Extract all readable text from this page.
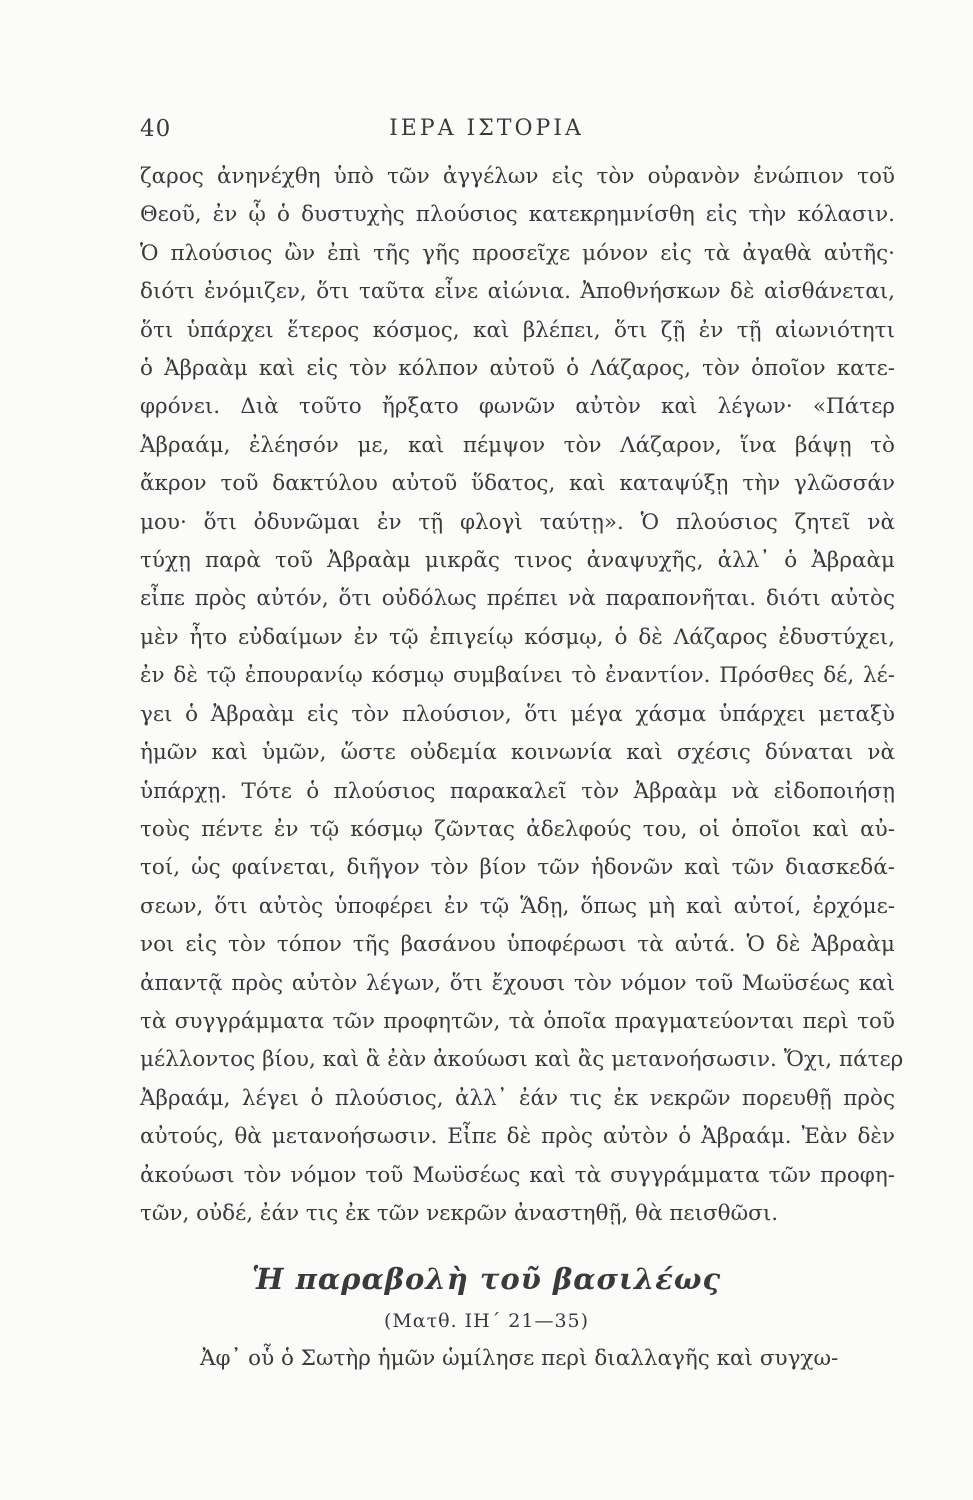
40	ΙΕΡΑ ΙΣΤΟΡΙΑ
ζαρος ἀνηνέχθη ὑπὸ τῶν ἀγγέλων εἰς τὸν οὐρανὸν ἐνώπιον τοῦ
Θεοῦ, ἐν ᾧ ὁ δυστυχὴς πλούσιος κατεκρημνίσθη εἰς τὴν κόλασιν.
Ὁ πλούσιος ὢν ἐπὶ τῆς γῆς προσεῖχε μόνον εἰς τὰ ἀγαθὰ αὐτῆς·
διότι ἐνόμιζεν, ὅτι ταῦτα εἶνε αἰώνια. Ἀποθνήσκων δὲ αἰσθάνεται,
ὅτι ὑπάρχει ἕτερος κόσμος, καὶ βλέπει, ὅτι ζῇ ἐν τῇ αἰωνιότητι
ὁ Ἀβραὰμ καὶ εἰς τὸν κόλπον αὐτοῦ ὁ Λάζαρος, τὸν ὁποῖον κατε-
φρόνει. Διὰ τοῦτο ἤρξατο φωνῶν αὐτὸν καὶ λέγων· «Πάτερ
Ἀβραάμ, ἐλέησόν με, καὶ πέμψον τὸν Λάζαρον, ἵνα βάψῃ τὸ
ἄκρον τοῦ δακτύλου αὐτοῦ ὕδατος, καὶ καταψύξῃ τὴν γλῶσσάν
μου· ὅτι ὀδυνῶμαι ἐν τῇ φλογὶ ταύτῃ». Ὁ πλούσιος ζητεῖ νὰ
τύχῃ παρὰ τοῦ Ἀβραὰμ μικρᾶς τινος ἀναψυχῆς, ἀλλ᾽ ὁ Ἀβραὰμ
εἶπε πρὸς αὐτόν, ὅτι οὐδόλως πρέπει νὰ παραπονῆται. διότι αὐτὸς
μὲν ἦτο εὐδαίμων ἐν τῷ ἐπιγείῳ κόσμῳ, ὁ δὲ Λάζαρος ἐδυστύχει,
ἐν δὲ τῷ ἐπουρανίῳ κόσμῳ συμβαίνει τὸ ἐναντίον. Πρόσθες δέ, λέ-
γει ὁ Ἀβραὰμ εἰς τὸν πλούσιον, ὅτι μέγα χάσμα ὑπάρχει μεταξὺ
ἡμῶν καὶ ὑμῶν, ὥστε οὐδεμία κοινωνία καὶ σχέσις δύναται νὰ
ὑπάρχῃ. Τότε ὁ πλούσιος παρακαλεῖ τὸν Ἀβραὰμ νὰ εἰδοποιήσῃ
τοὺς πέντε ἐν τῷ κόσμῳ ζῶντας ἀδελφούς του, οἱ ὁποῖοι καὶ αὐ-
τοί, ὡς φαίνεται, διῆγον τὸν βίον τῶν ἡδονῶν καὶ τῶν διασκεδά-
σεων, ὅτι αὐτὸς ὑποφέρει ἐν τῷ Ἅδῃ, ὅπως μὴ καὶ αὐτοί, ἐρχόμε-
νοι εἰς τὸν τόπον τῆς βασάνου ὑποφέρωσι τὰ αὐτά. Ὁ δὲ Ἀβραὰμ
ἀπαντᾷ πρὸς αὐτὸν λέγων, ὅτι ἔχουσι τὸν νόμον τοῦ Μωϋσέως καὶ
τὰ συγγράμματα τῶν προφητῶν, τὰ ὁποῖα πραγματεύονται περὶ τοῦ
μέλλοντος βίου, καὶ ἃ ἐὰν ἀκούωσι καὶ ἂς μετανοήσωσιν. Ὄχι, πάτερ
Ἀβραάμ, λέγει ὁ πλούσιος, ἀλλ᾽ ἐάν τις ἐκ νεκρῶν πορευθῇ πρὸς
αὐτούς, θὰ μετανοήσωσιν. Εἶπε δὲ πρὸς αὐτὸν ὁ Ἀβραάμ. Ἐὰν δὲν
ἀκούωσι τὸν νόμον τοῦ Μωϋσέως καὶ τὰ συγγράμματα τῶν προφη-
τῶν, οὐδέ, ἐάν τις ἐκ τῶν νεκρῶν ἀναστηθῇ, θὰ πεισθῶσι.
Ἡ παραβολὴ τοῦ βασιλέως
(Ματθ. ΙΗ΄ 21—35)
Ἀφ᾽ οὗ ὁ Σωτὴρ ἡμῶν ὡμίλησε περὶ διαλλαγῆς καὶ συγχω-
